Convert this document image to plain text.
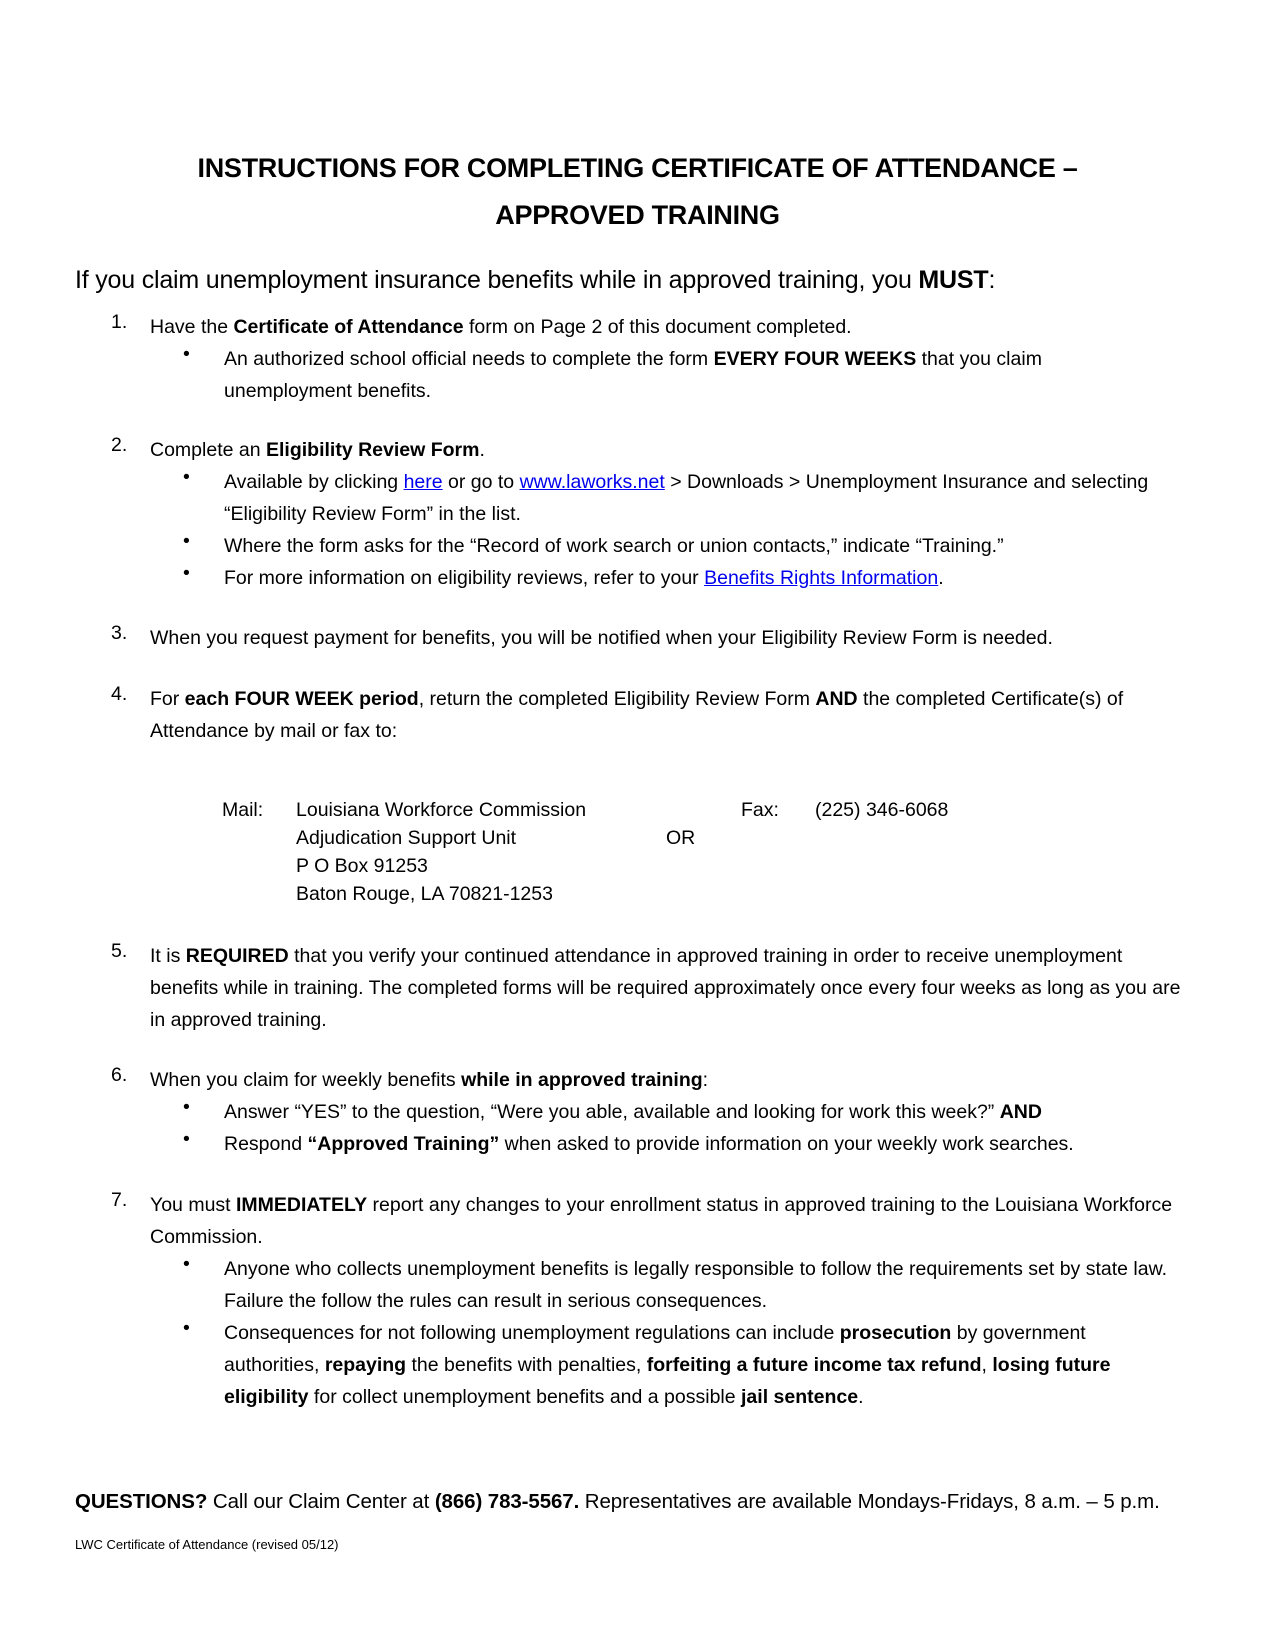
INSTRUCTIONS FOR COMPLETING CERTIFICATE OF ATTENDANCE –
APPROVED TRAINING
If you claim unemployment insurance benefits while in approved training, you MUST:
1. Have the Certificate of Attendance form on Page 2 of this document completed.
• An authorized school official needs to complete the form EVERY FOUR WEEKS that you claim unemployment benefits.
2. Complete an Eligibility Review Form.
• Available by clicking here or go to www.laworks.net > Downloads > Unemployment Insurance and selecting “Eligibility Review Form” in the list.
• Where the form asks for the “Record of work search or union contacts,” indicate “Training.”
• For more information on eligibility reviews, refer to your Benefits Rights Information.
3. When you request payment for benefits, you will be notified when your Eligibility Review Form is needed.
4. For each FOUR WEEK period, return the completed Eligibility Review Form AND the completed Certificate(s) of Attendance by mail or fax to:
Mail: Louisiana Workforce Commission
Adjudication Support Unit
P O Box 91253
Baton Rouge, LA 70821-1253
OR
Fax: (225) 346-6068
5. It is REQUIRED that you verify your continued attendance in approved training in order to receive unemployment benefits while in training. The completed forms will be required approximately once every four weeks as long as you are in approved training.
6. When you claim for weekly benefits while in approved training:
• Answer “YES” to the question, “Were you able, available and looking for work this week?” AND
• Respond “Approved Training” when asked to provide information on your weekly work searches.
7. You must IMMEDIATELY report any changes to your enrollment status in approved training to the Louisiana Workforce Commission.
• Anyone who collects unemployment benefits is legally responsible to follow the requirements set by state law. Failure the follow the rules can result in serious consequences.
• Consequences for not following unemployment regulations can include prosecution by government authorities, repaying the benefits with penalties, forfeiting a future income tax refund, losing future eligibility for collect unemployment benefits and a possible jail sentence.
QUESTIONS? Call our Claim Center at (866) 783-5567. Representatives are available Mondays-Fridays, 8 a.m. – 5 p.m.
LWC Certificate of Attendance (revised 05/12)
